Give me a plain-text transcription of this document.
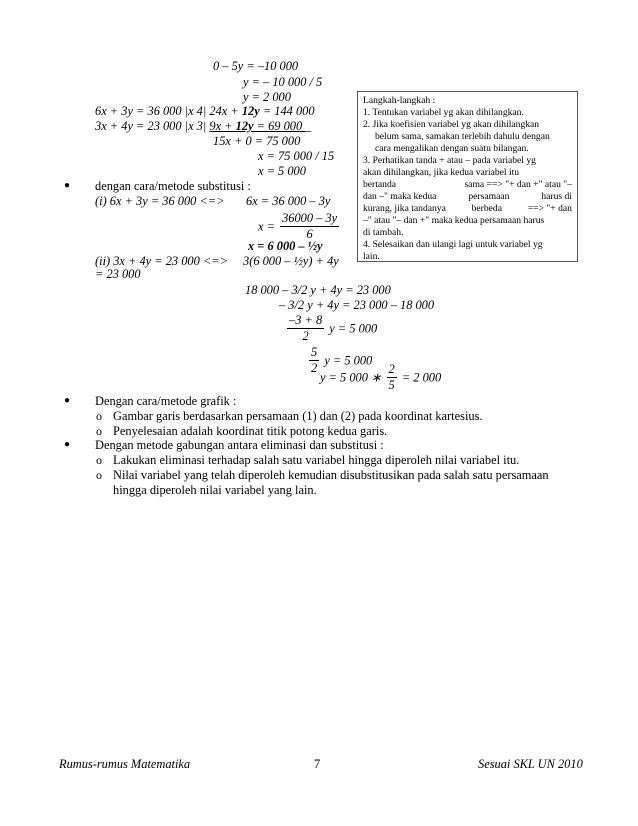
0 – 5y = –10 000
y = – 10 000 / 5
y = 2 000
6x + 3y = 36 000 |x 4| 24x + 12y = 144 000
3x + 4y = 23 000 |x 3| 9x + 12y = 69 000 _
15x + 0 = 75 000
x = 75 000 / 15
x = 5 000
● dengan cara/metode substitusi :
(i) 6x + 3y = 36 000 <=> 6x = 36 000 – 3y
$x = \frac{36000 - 3y}{6}$
x = 6 000 – ½y
(ii) 3x + 4y = 23 000 <=> 3(6 000 – ½y) + 4y
= 23 000
18 000 – 3/2 y + 4y = 23 000
– 3/2 y + 4y = 23 000 – 18 000
$\frac{-3 + 8}{2}$ y = 5 000
$\frac{5}{2}$ y = 5 000
y = 5 000 ∗ $\frac{2}{5} = 2$ 000
Langkah-langkah :
1. Tentukan variabel yg akan dihilangkan.
2. Jika koefisien variabel yg akan dihilangkan
belum sama, samakan terlebih dahulu dengan
cara mengalikan dengan suatu bilangan.
3. Perhatikan tanda + atau – pada variabel yg
akan dihilangkan, jika kedua variabel itu
bertanda	sama ==> "+ dan +" atau "–
dan –" maka kedua	persamaan	harus di
kurang, jika tandanya	berbeda	==> "+ dan
–" atau "– dan +" maka kedua persamaan harus
di tambah.
4. Selesaikan dan ulangi lagi untuk variabel yg
lain.
● Dengan cara/metode grafik :
o Gambar garis berdasarkan persamaan (1) dan (2) pada koordinat kartesius.
o Penyelesaian adalah koordinat titik potong kedua garis.
● Dengan metode gabungan antara eliminasi dan substitusi :
o Lakukan eliminasi terhadap salah satu variabel hingga diperoleh nilai variabel itu.
o Nilai variabel yang telah diperoleh kemudian disubstitusikan pada salah satu persamaan
hingga diperoleh nilai variabel yang lain.
Rumus-rumus Matematika	7	Sesuai SKL UN 2010
